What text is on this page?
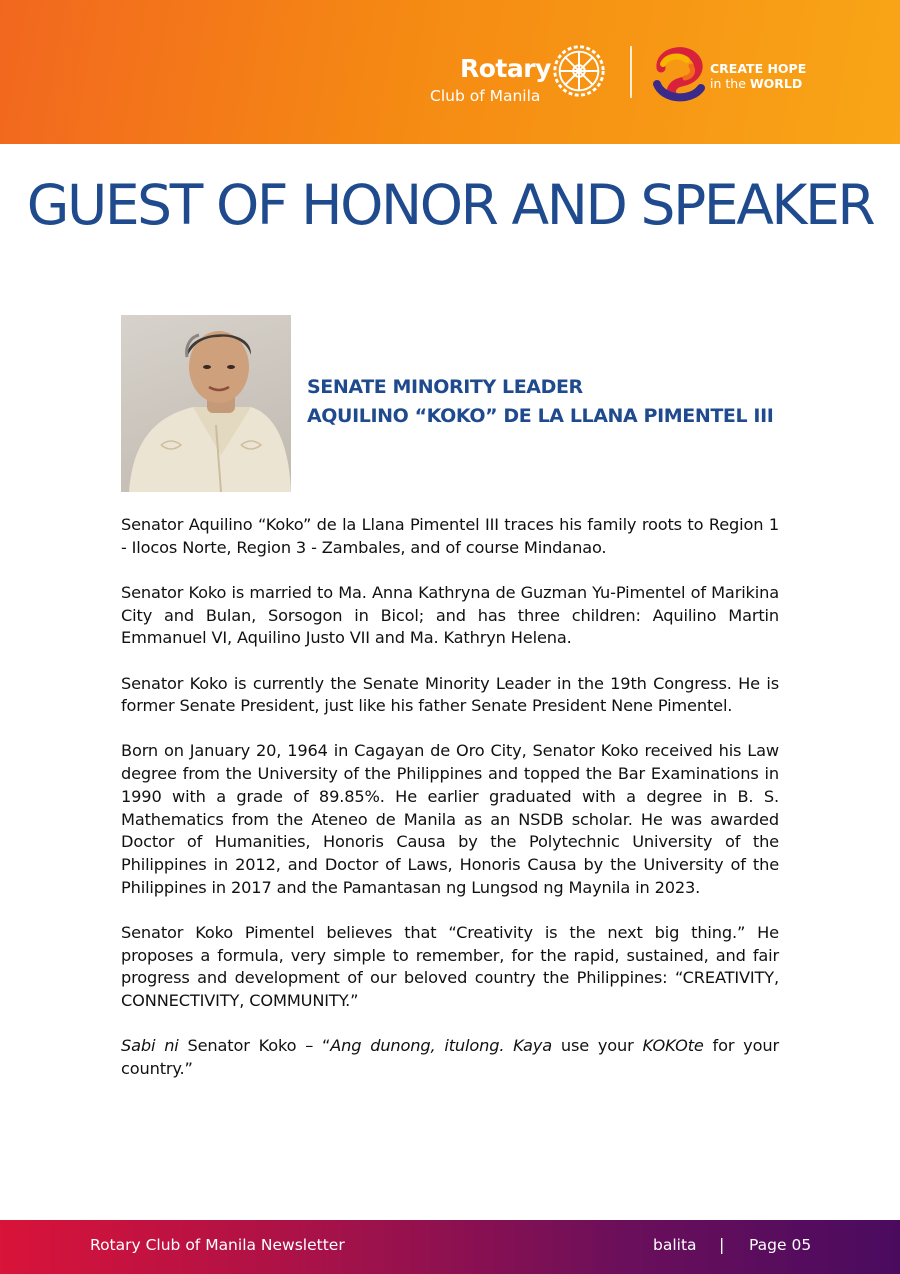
Rotary
Club of Manila
CREATE HOPE
in the WORLD
GUEST OF HONOR AND SPEAKER
SENATE MINORITY LEADER
AQUILINO “KOKO” DE LA LLANA PIMENTEL III

Senator Aquilino “Koko” de la Llana Pimentel III traces his family roots to Region 1 - Ilocos Norte, Region 3 - Zambales, and of course Mindanao.

Senator Koko is married to Ma. Anna Kathryna de Guzman Yu-Pimentel of Marikina City and Bulan, Sorsogon in Bicol; and has three children: Aquilino Martin Emmanuel VI, Aquilino Justo VII and Ma. Kathryn Helena.

Senator Koko is currently the Senate Minority Leader in the 19th Congress. He is former Senate President, just like his father Senate President Nene Pimentel.

Born on January 20, 1964 in Cagayan de Oro City, Senator Koko received his Law degree from the University of the Philippines and topped the Bar Examinations in 1990 with a grade of 89.85%. He earlier graduated with a degree in B. S. Mathematics from the Ateneo de Manila as an NSDB scholar. He was awarded Doctor of Humanities, Honoris Causa by the Polytechnic University of the Philippines in 2012, and Doctor of Laws, Honoris Causa by the University of the Philippines in 2017 and the Pamantasan ng Lungsod ng Maynila in 2023.

Senator Koko Pimentel believes that “Creativity is the next big thing.” He proposes a formula, very simple to remember, for the rapid, sustained, and fair progress and development of our beloved country the Philippines: “CREATIVITY, CONNECTIVITY, COMMUNITY.”

Sabi ni Senator Koko – “Ang dunong, itulong. Kaya use your KOKOte for your country.”

Rotary Club of Manila Newsletter	balita | Page 05
